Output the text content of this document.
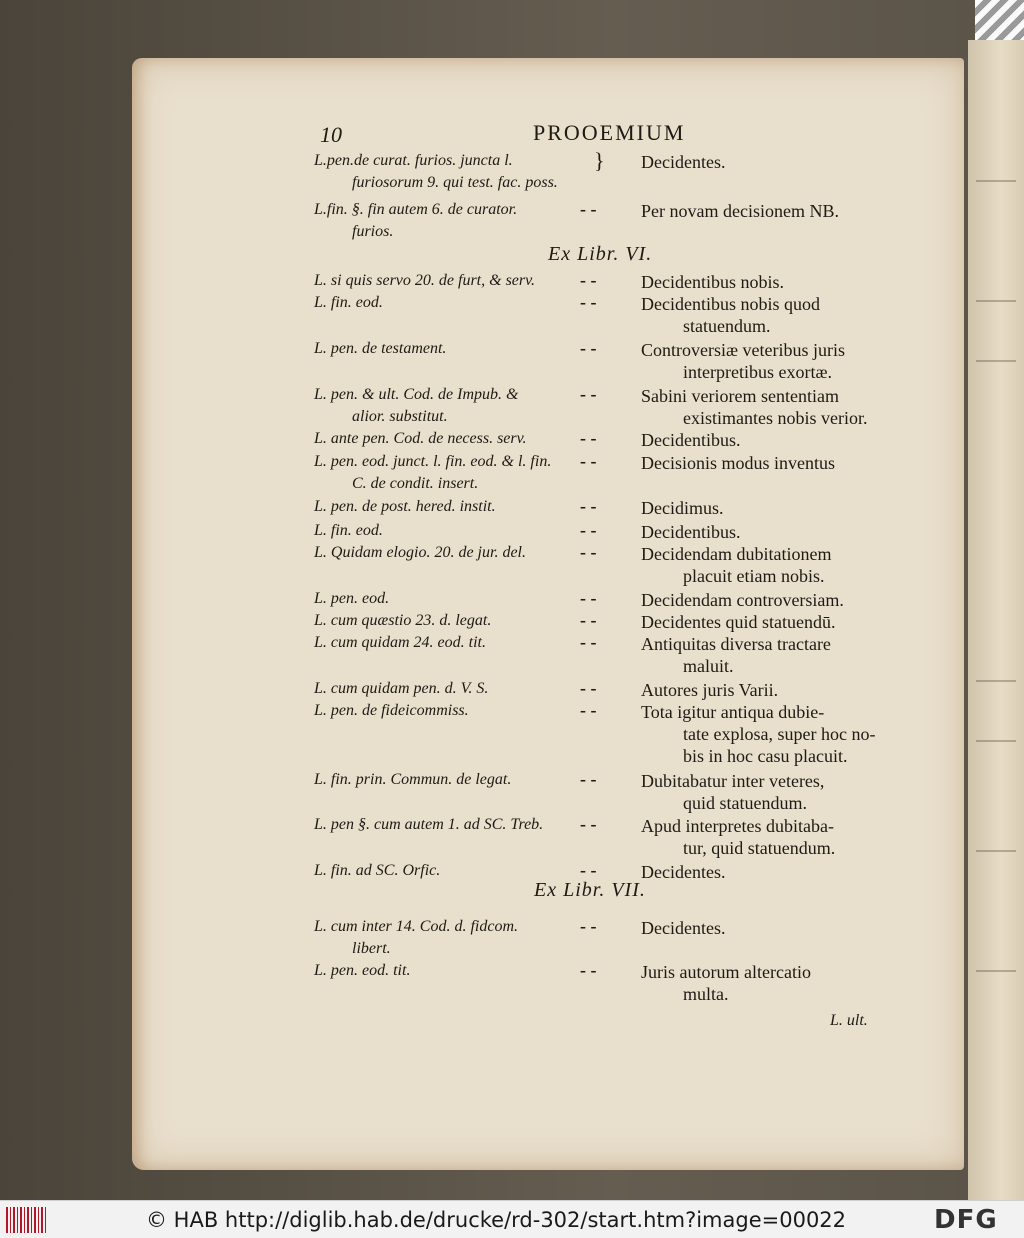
10	PROOEMIUM
L.pen.de curat. furios. juncta l.
furiosorum 9. qui test. fac. poss.
} Decidentes.
L.fin. §. fin autem 6. de curator.
furios.
- - Per novam decisionem NB.
Ex Libr. VI.
L. si quis servo 20. de furt, & serv. - - Decidentibus nobis.
L. fin. eod.	- - Decidentibus nobis quod
statuendum.
L. pen. de testament.	- - Controversiæ veteribus juris
interpretibus exortæ.
L. pen. & ult. Cod. de Impub. &
alior. substitut.
- - Sabini veriorem sententiam
existimantes nobis verior.
L. ante pen. Cod. de necess. serv.	- - Decidentibus.
L. pen. eod. junct. l. fin. eod. & l. fin.
C. de condit. insert.
- - Decisionis modus inventus
L. pen. de post. hered. instit.	- - Decidimus.
L. fin. eod.	- - Decidentibus.
L. Quidam elogio. 20. de jur. del.	- - Decidendam dubitationem
placuit etiam nobis.
L. pen. eod.	- - Decidendam controversiam.
L. cum quæstio 23. d. legat.	- - Decidentes quid statuendū.
L. cum quidam 24. eod. tit.	- - Antiquitas diversa tractare
maluit.
L. cum quidam pen. d. V. S.	- - Autores juris Varii.
L. pen. de fideicommiss.	- - Tota igitur antiqua dubie-
tate explosa, super hoc no-
bis in hoc casu placuit.
L. fin. prin. Commun. de legat.	- - Dubitabatur inter veteres,
quid statuendum.
L. pen §. cum autem 1. ad SC. Treb. - - Apud interpretes dubitaba-
tur, quid statuendum.
L. fin. ad SC. Orfic.	- - Decidentes.
Ex Libr. VII.
L. cum inter 14. Cod. d. fidcom.
libert.
- - Decidentes.
L. pen. eod. tit.	- - Juris autorum altercatio
multa.
L. ult.
© HAB http://diglib.hab.de/drucke/rd-302/start.htm?image=00022	DFG
